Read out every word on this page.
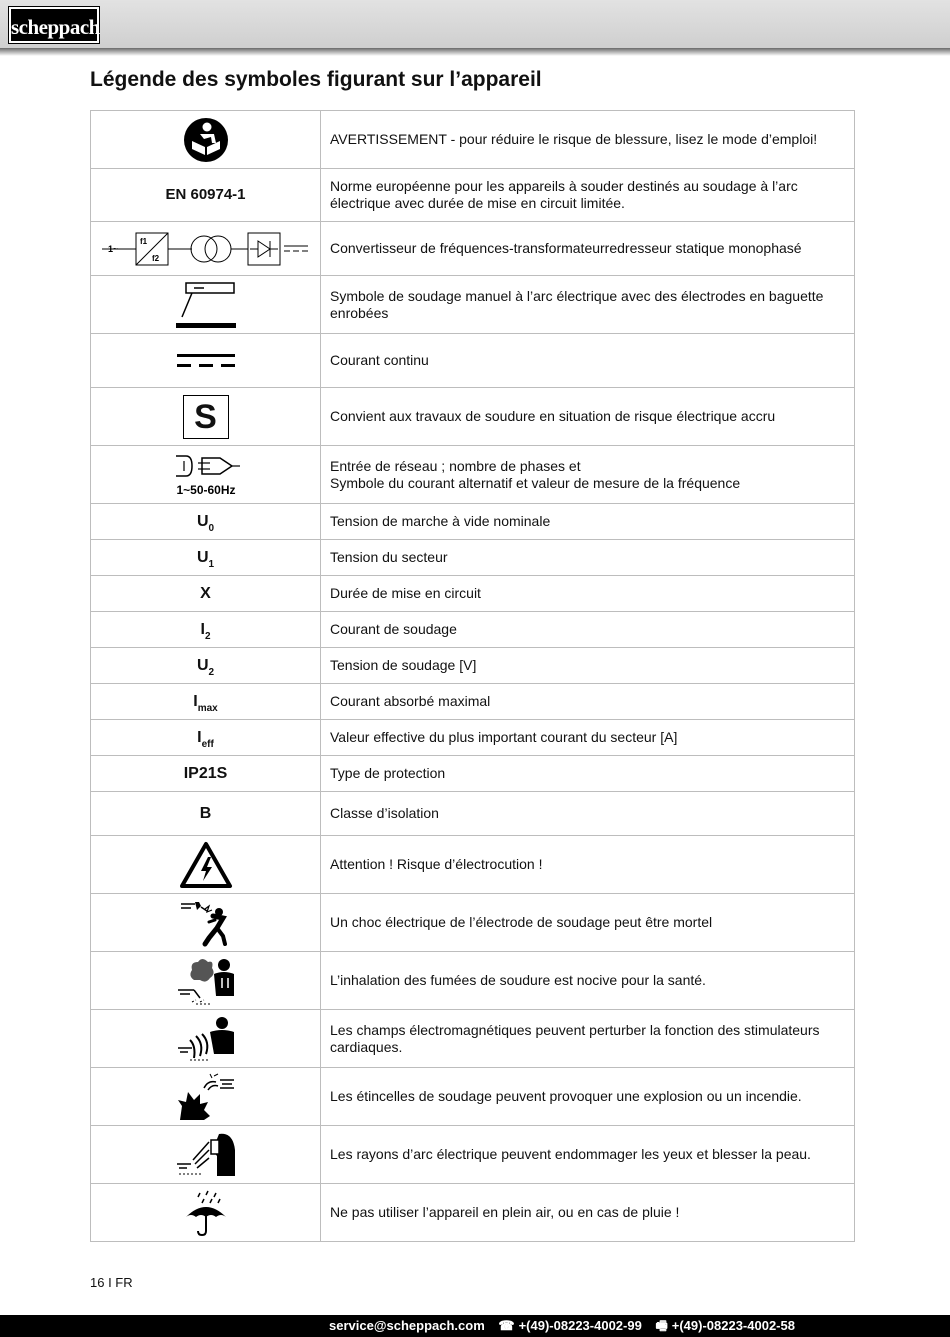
scheppach
Légende des symboles figurant sur l’appareil

AVERTISSEMENT - pour réduire le risque de blessure, lisez le mode d’emploi!

EN 60974-1	Norme européenne pour les appareils à souder destinés au soudage à l’arc électrique avec durée de mise en circuit limitée.

1~
f1
f2	Convertisseur de fréquences-transformateurredresseur statique monophasé

Symbole de soudage manuel à l’arc électrique avec des électrodes en baguette enrobées

Courant continu

S	Convient aux travaux de soudure en situation de risque électrique accru

1~50-60Hz	Entrée de réseau ; nombre de phases et
Symbole du courant alternatif et valeur de mesure de la fréquence

$U_0$	Tension de marche à vide nominale

$U_1$	Tension du secteur

X	Durée de mise en circuit

$I_2$	Courant de soudage

$U_2$	Tension de soudage [V]

$I_{max}$	Courant absorbé maximal

$I_{eff}$	Valeur effective du plus important courant du secteur [A]

IP21S	Type de protection

B	Classe d’isolation

Attention ! Risque d’électrocution !

Un choc électrique de l’électrode de soudage peut être mortel

L’inhalation des fumées de soudure est nocive pour la santé.

Les champs électromagnétiques peuvent perturber la fonction des stimulateurs cardiaques.

Les étincelles de soudage peuvent provoquer une explosion ou un incendie.

Les rayons d’arc électrique peuvent endommager les yeux et blesser la peau.

Ne pas utiliser l’appareil en plein air, ou en cas de pluie !
16 I FR
service@scheppach.com ☎ +(49)-08223-4002-99 🖷 +(49)-08223-4002-58
